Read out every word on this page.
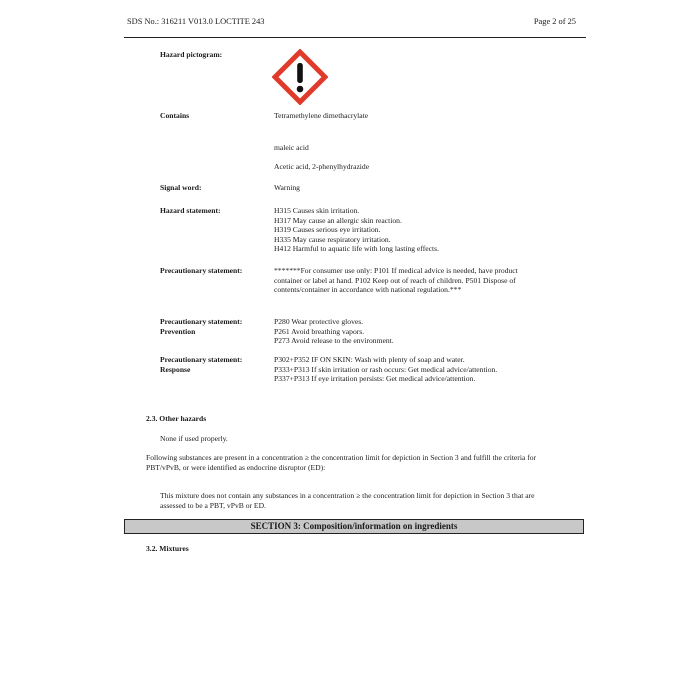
SDS No.: 316211 V013.0 LOCTITE 243	Page 2 of 25
Hazard pictogram:
Contains	Tetramethylene dimethacrylate
maleic acid
Acetic acid, 2-phenylhydrazide
Signal word:	Warning
Hazard statement:	H315 Causes skin irritation.
H317 May cause an allergic skin reaction.
H319 Causes serious eye irritation.
H335 May cause respiratory irritation.
H412 Harmful to aquatic life with long lasting effects.
Precautionary statement:	*******For consumer use only: P101 If medical advice is needed, have product
container or label at hand. P102 Keep out of reach of children. P501 Dispose of
contents/container in accordance with national regulation.***
Precautionary statement:
Prevention
P280 Wear protective gloves.
P261 Avoid breathing vapors.
P273 Avoid release to the environment.
Precautionary statement:
Response
P302+P352 IF ON SKIN: Wash with plenty of soap and water.
P333+P313 If skin irritation or rash occurs: Get medical advice/attention.
P337+P313 If eye irritation persists: Get medical advice/attention.
2.3. Other hazards
None if used properly.
Following substances are present in a concentration ≥ the concentration limit for depiction in Section 3 and fulfill the criteria for
PBT/vPvB, or were identified as endocrine disruptor (ED):
This mixture does not contain any substances in a concentration ≥ the concentration limit for depiction in Section 3 that are
assessed to be a PBT, vPvB or ED.
SECTION 3: Composition/information on ingredients
3.2. Mixtures
